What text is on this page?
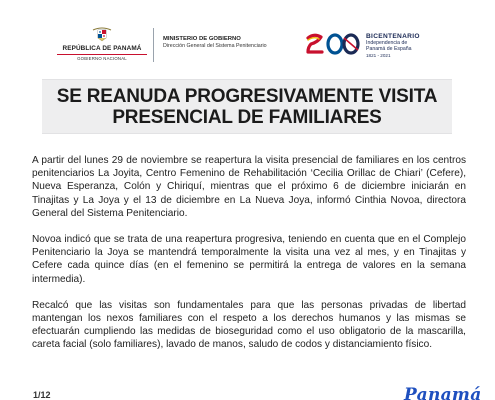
REPÚBLICA DE PANAMÁ
GOBIERNO NACIONAL
MINISTERIO DE GOBIERNO
Dirección General del Sistema Penitenciario
BICENTENARIO
Independencia de
Panamá de España
1821 - 2021
SE REANUDA PROGRESIVAMENTE VISITA
PRESENCIAL DE FAMILIARES

A partir del lunes 29 de noviembre se reapertura la visita presencial de familiares en los centros penitenciarios La Joyita, Centro Femenino de Rehabilitación ‘Cecilia Orillac de Chiari’ (Cefere), Nueva Esperanza, Colón y Chiriquí, mientras que el próximo 6 de diciembre iniciarán en Tinajitas y La Joya y el 13 de diciembre en La Nueva Joya, informó Cinthia Novoa, directora General del Sistema Penitenciario.

Novoa indicó que se trata de una reapertura progresiva, teniendo en cuenta que en el Complejo Penitenciario la Joya se mantendrá temporalmente la visita una vez al mes, y en Tinajitas y Cefere cada quince días (en el femenino se permitirá la entrega de valores en la semana intermedia).

Recalcó que las visitas son fundamentales para que las personas privadas de libertad mantengan los nexos familiares con el respeto a los derechos humanos y las mismas se efectuarán cumpliendo las medidas de bioseguridad como el uso obligatorio de la mascarilla, careta facial (solo familiares), lavado de manos, saludo de codos y distanciamiento físico.

1/12	Panamá
